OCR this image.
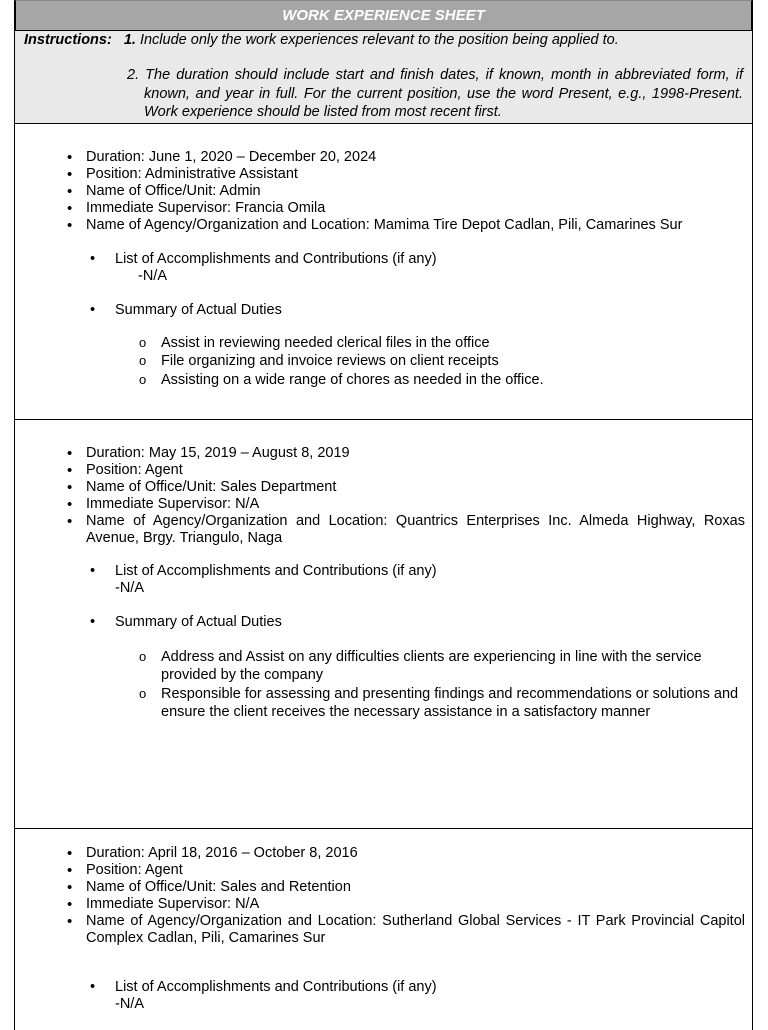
WORK EXPERIENCE SHEET
Instructions: 1. Include only the work experiences relevant to the position being applied to.
2. The duration should include start and finish dates, if known, month in abbreviated form, if known, and year in full. For the current position, use the word Present, e.g., 1998-Present. Work experience should be listed from most recent first.
• Duration: June 1, 2020 – December 20, 2024
• Position: Administrative Assistant
• Name of Office/Unit: Admin
• Immediate Supervisor: Francia Omila
• Name of Agency/Organization and Location: Mamima Tire Depot Cadlan, Pili, Camarines Sur
• List of Accomplishments and Contributions (if any)
-N/A
• Summary of Actual Duties
o Assist in reviewing needed clerical files in the office
o File organizing and invoice reviews on client receipts
o Assisting on a wide range of chores as needed in the office.
• Duration: May 15, 2019 – August 8, 2019
• Position: Agent
• Name of Office/Unit: Sales Department
• Immediate Supervisor: N/A
• Name of Agency/Organization and Location: Quantrics Enterprises Inc. Almeda Highway, Roxas Avenue, Brgy. Triangulo, Naga
• List of Accomplishments and Contributions (if any)
-N/A
• Summary of Actual Duties
o Address and Assist on any difficulties clients are experiencing in line with the service provided by the company
o Responsible for assessing and presenting findings and recommendations or solutions and ensure the client receives the necessary assistance in a satisfactory manner
• Duration: April 18, 2016 – October 8, 2016
• Position: Agent
• Name of Office/Unit: Sales and Retention
• Immediate Supervisor: N/A
• Name of Agency/Organization and Location: Sutherland Global Services - IT Park Provincial Capitol Complex Cadlan, Pili, Camarines Sur
• List of Accomplishments and Contributions (if any)
-N/A
